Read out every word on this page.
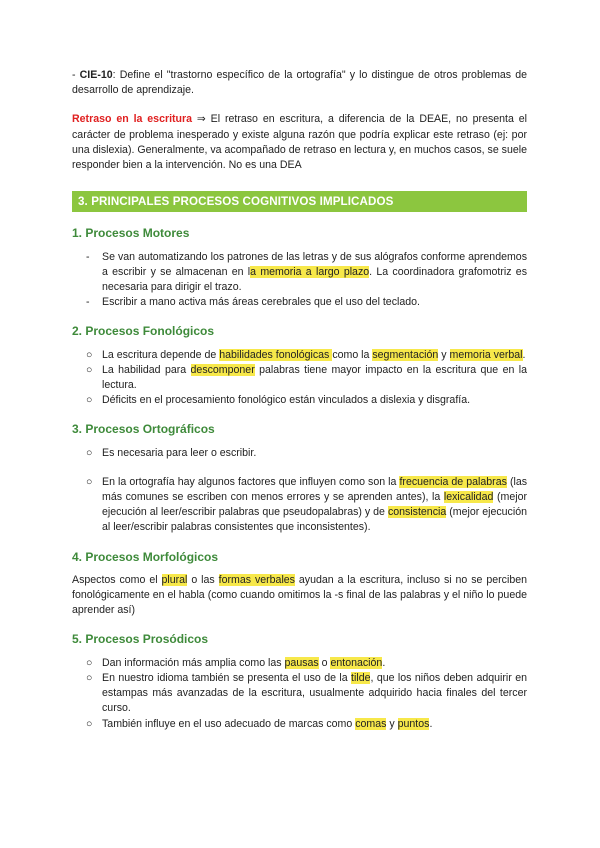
- CIE-10: Define el "trastorno específico de la ortografía" y lo distingue de otros problemas de desarrollo de aprendizaje.

Retraso en la escritura ⇒ El retraso en escritura, a diferencia de la DEAE, no presenta el carácter de problema inesperado y existe alguna razón que podría explicar este retraso (ej: por una dislexia). Generalmente, va acompañado de retraso en lectura y, en muchos casos, se suele responder bien a la intervención. No es una DEA

3. PRINCIPALES PROCESOS COGNITIVOS IMPLICADOS
1. Procesos Motores
- Se van automatizando los patrones de las letras y de sus alógrafos conforme aprendemos a escribir y se almacenan en la memoria a largo plazo. La coordinadora grafomotriz es necesaria para dirigir el trazo.
- Escribir a mano activa más áreas cerebrales que el uso del teclado.
2. Procesos Fonológicos
○ La escritura depende de habilidades fonológicas como la segmentación y memoria verbal.
○ La habilidad para descomponer palabras tiene mayor impacto en la escritura que en la lectura.
○ Déficits en el procesamiento fonológico están vinculados a dislexia y disgrafía.
3. Procesos Ortográficos
○ Es necesaria para leer o escribir.
○ En la ortografía hay algunos factores que influyen como son la frecuencia de palabras (las más comunes se escriben con menos errores y se aprenden antes), la lexicalidad (mejor ejecución al leer/escribir palabras que pseudopalabras) y de consistencia (mejor ejecución al leer/escribir palabras consistentes que inconsistentes).
4. Procesos Morfológicos

Aspectos como el plural o las formas verbales ayudan a la escritura, incluso si no se perciben fonológicamente en el habla (como cuando omitimos la -s final de las palabras y el niño lo puede aprender así)

5. Procesos Prosódicos
○ Dan información más amplia como las pausas o entonación.
○ En nuestro idioma también se presenta el uso de la tilde, que los niños deben adquirir en estampas más avanzadas de la escritura, usualmente adquirido hacia finales del tercer curso.
○ También influye en el uso adecuado de marcas como comas y puntos.
